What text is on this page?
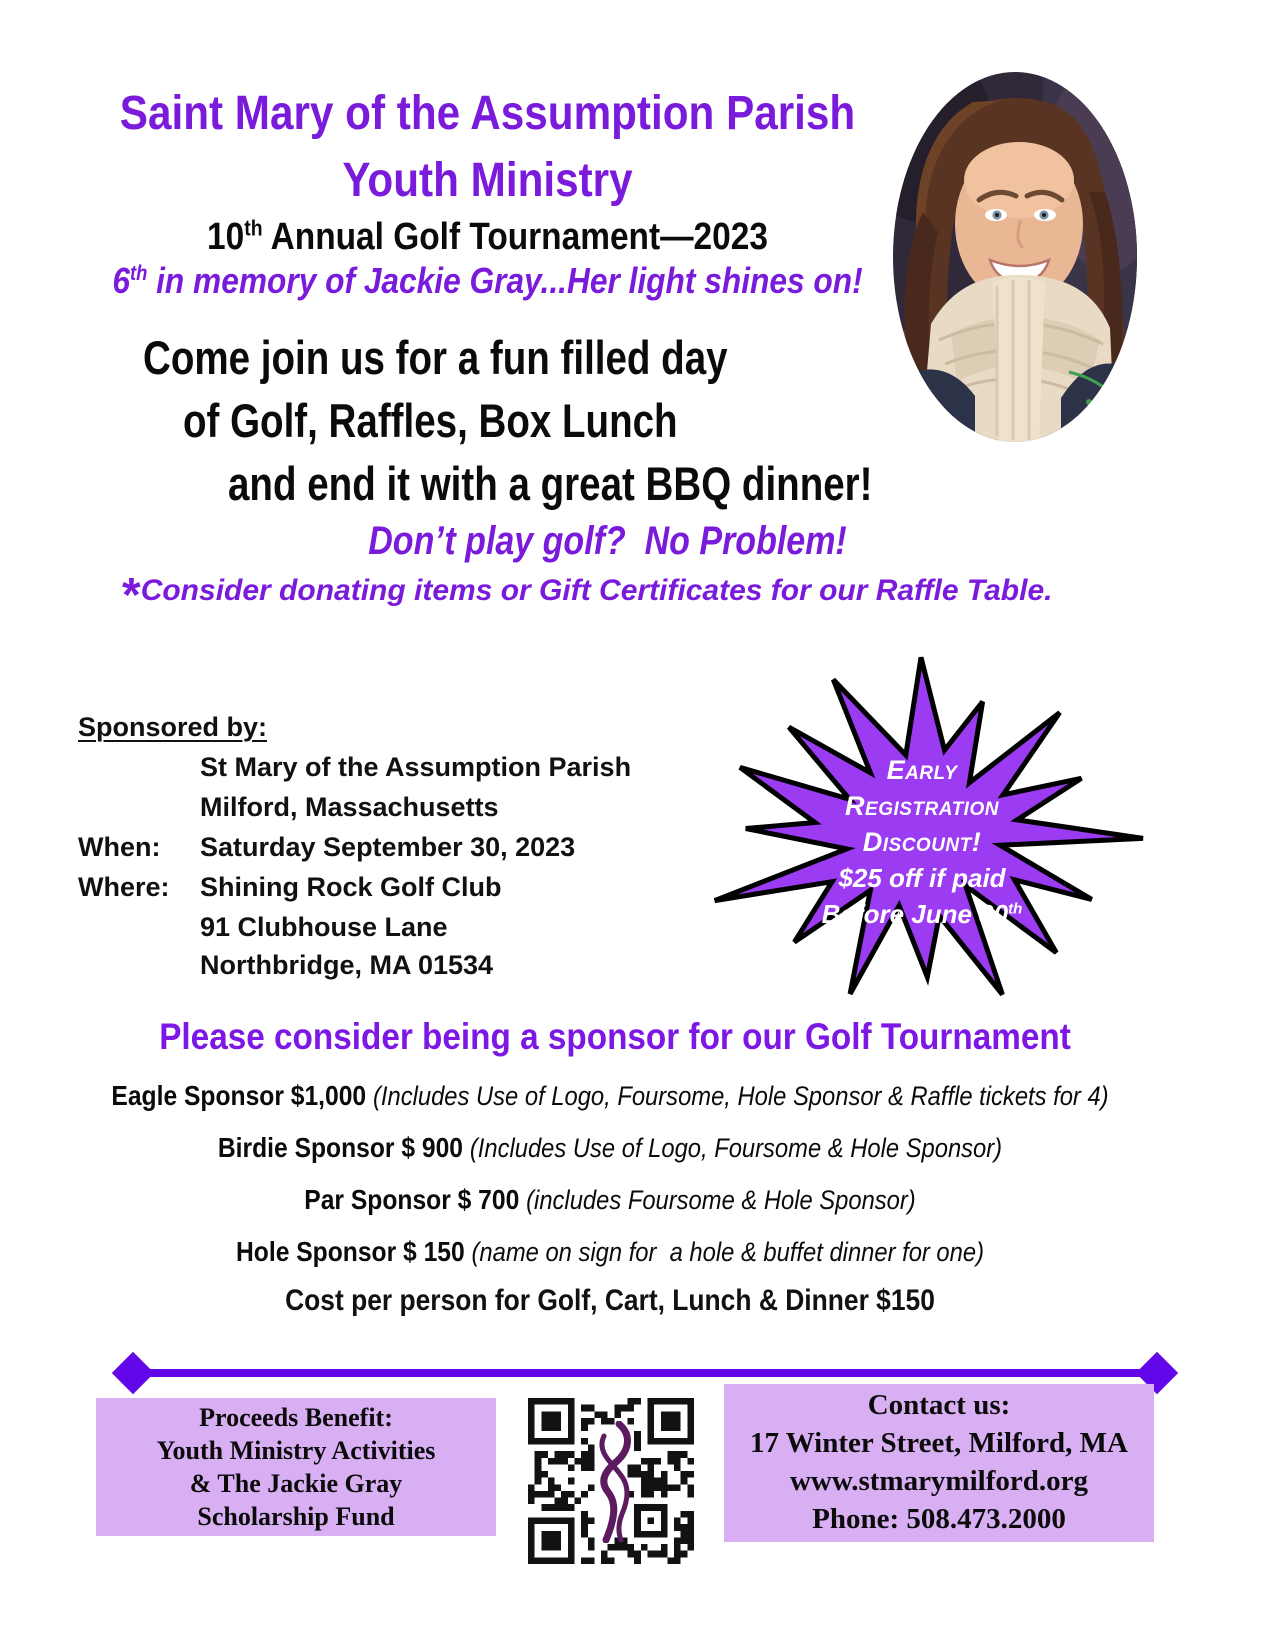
Saint Mary of the Assumption Parish
Youth Ministry
10th Annual Golf Tournament—2023
6th in memory of Jackie Gray...Her light shines on!
Come join us for a fun filled day
of Golf, Raffles, Box Lunch
and end it with a great BBQ dinner!
Don’t play golf?  No Problem!
*Consider donating items or Gift Certificates for our Raffle Table.
Sponsored by:
St Mary of the Assumption Parish
Milford, Massachusetts
When: Saturday September 30, 2023
Where: Shining Rock Golf Club
91 Clubhouse Lane
Northbridge, MA 01534
Early
Registration
Discount!
$25 off if paid
Before June 30th
Please consider being a sponsor for our Golf Tournament
Eagle Sponsor $1,000 (Includes Use of Logo, Foursome, Hole Sponsor & Raffle tickets for 4)
Birdie Sponsor $ 900 (Includes Use of Logo, Foursome & Hole Sponsor)
Par Sponsor $ 700 (includes Foursome & Hole Sponsor)
Hole Sponsor $ 150 (name on sign for  a hole & buffet dinner for one)
Cost per person for Golf, Cart, Lunch & Dinner $150
Proceeds Benefit:
Youth Ministry Activities
& The Jackie Gray
Scholarship Fund
Contact us:
17 Winter Street, Milford, MA
www.stmarymilford.org
Phone: 508.473.2000
